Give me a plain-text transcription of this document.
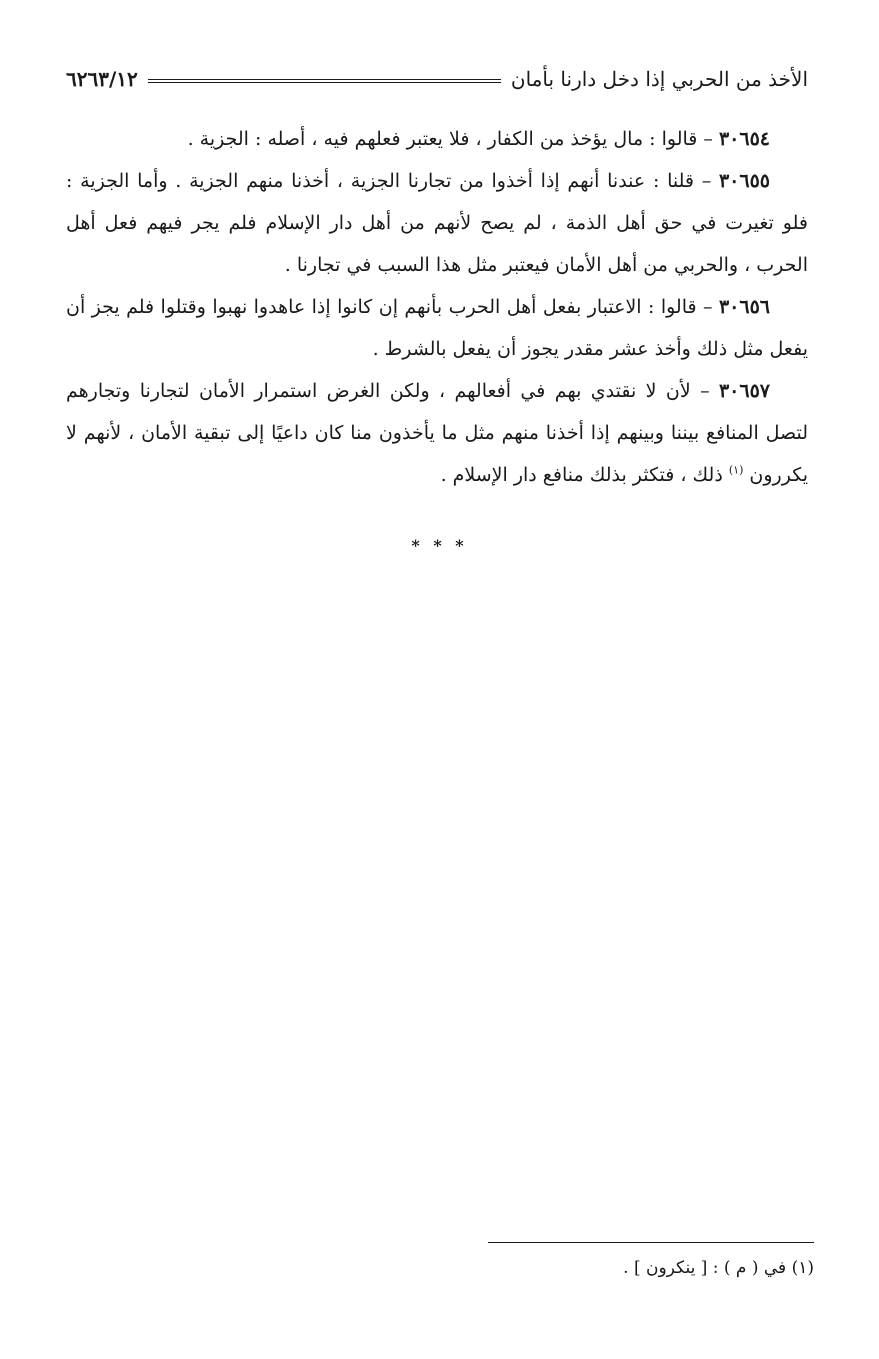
الأخذ من الحربي إذا دخل دارنا بأمان
٦٢٦٣/١٢

٣٠٦٥٤ – قالوا : مال يؤخذ من الكفار ، فلا يعتبر فعلهم فيه ، أصله : الجزية .

٣٠٦٥٥ – قلنا : عندنا أنهم إذا أخذوا من تجارنا الجزية ، أخذنا منهم الجزية . وأما الجزية : فلو تغيرت في حق أهل الذمة ، لم يصح لأنهم من أهل دار الإسلام فلم يجر فيهم فعل أهل الحرب ، والحربي من أهل الأمان فيعتبر مثل هذا السبب في تجارنا .

٣٠٦٥٦ – قالوا : الاعتبار بفعل أهل الحرب بأنهم إن كانوا إذا عاهدوا نهبوا وقتلوا فلم يجز أن يفعل مثل ذلك وأخذ عشر مقدر يجوز أن يفعل بالشرط .

٣٠٦٥٧ – لأن لا نقتدي بهم في أفعالهم ، ولكن الغرض استمرار الأمان لتجارنا وتجارهم لتصل المنافع بيننا وبينهم إذا أخذنا منهم مثل ما يأخذون منا كان داعيًا إلى تبقية الأمان ، لأنهم لا يكررون $^{(١)}$ ذلك ، فتكثر بذلك منافع دار الإسلام .

* * *
(١) في ( م ) : [ ينكرون ] .
